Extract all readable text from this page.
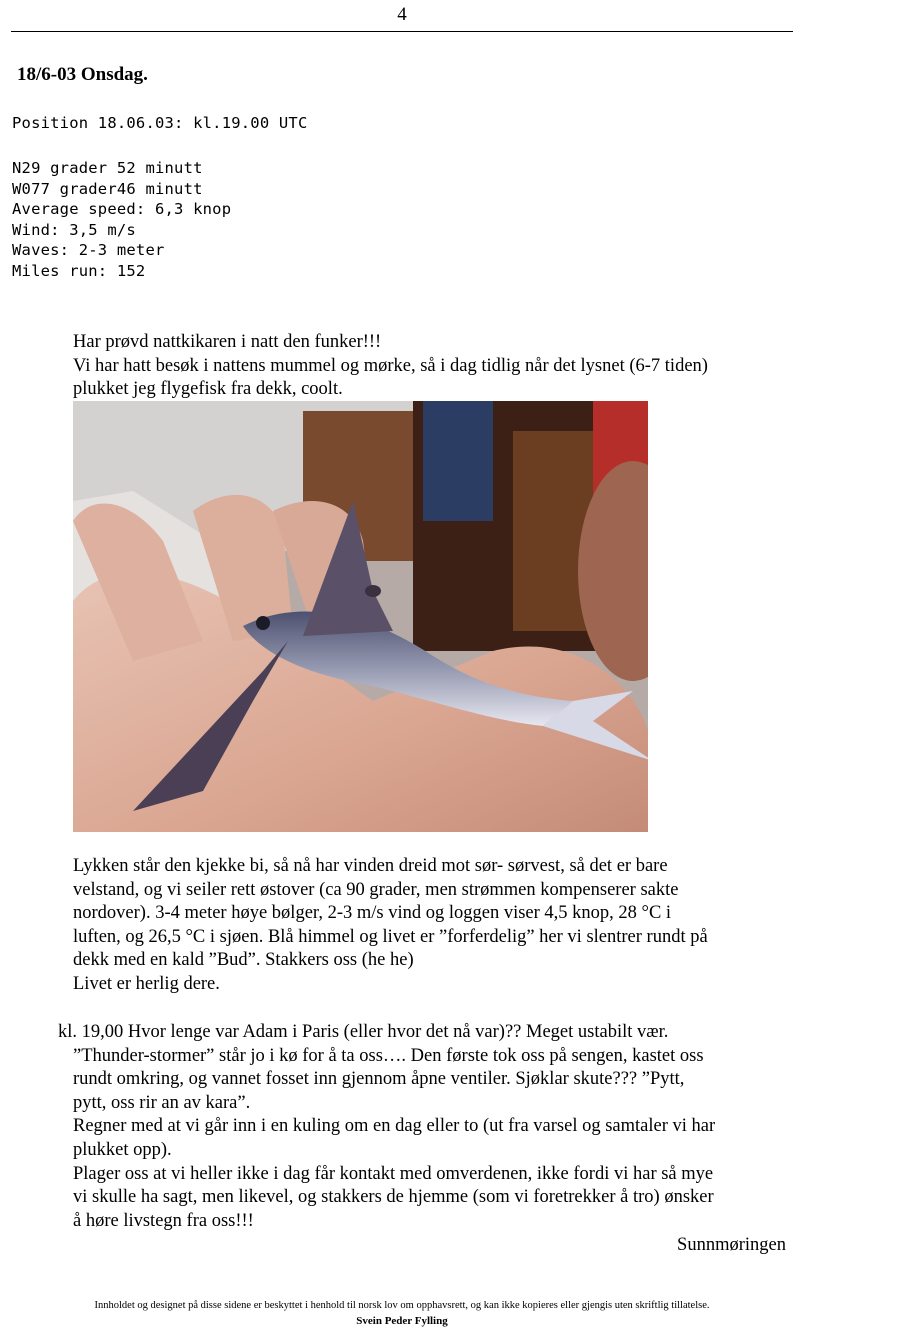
4
18/6-03 Onsdag.
Position 18.06.03: kl.19.00 UTC
N29 grader 52 minutt
W077 grader46 minutt
Average speed: 6,3 knop
Wind: 3,5 m/s
Waves: 2-3 meter
Miles run: 152
Har prøvd nattkikaren i natt den funker!!!
Vi har hatt besøk i nattens mummel og mørke, så i dag tidlig når det lysnet (6-7 tiden)
plukket jeg flygefisk fra dekk, coolt.
Lykken står den kjekke bi, så nå har vinden dreid mot sør- sørvest, så det er bare
velstand, og vi seiler rett østover (ca 90 grader, men strømmen kompenserer sakte
nordover). 3-4 meter høye bølger, 2-3 m/s vind og loggen viser 4,5 knop, 28 °C i
luften, og 26,5 °C i sjøen. Blå himmel og livet er ”forferdelig” her vi slentrer rundt på
dekk med en kald ”Bud”. Stakkers oss (he he)
Livet er herlig dere.
kl. 19,00 Hvor lenge var Adam i Paris (eller hvor det nå var)?? Meget ustabilt vær.
”Thunder-stormer” står jo i kø for å ta oss…. Den første tok oss på sengen, kastet oss
rundt omkring, og vannet fosset inn gjennom åpne ventiler. Sjøklar skute??? ”Pytt,
pytt, oss rir an av kara”.
Regner med at vi går inn i en kuling om en dag eller to (ut fra varsel og samtaler vi har
plukket opp).
Plager oss at vi heller ikke i dag får kontakt med omverdenen, ikke fordi vi har så mye
vi skulle ha sagt, men likevel, og stakkers de hjemme (som vi foretrekker å tro) ønsker
å høre livstegn fra oss!!!
Sunnmøringen
Innholdet og designet på disse sidene er beskyttet i henhold til norsk lov om opphavsrett, og kan ikke kopieres eller gjengis uten skriftlig tillatelse.
Svein Peder Fylling
